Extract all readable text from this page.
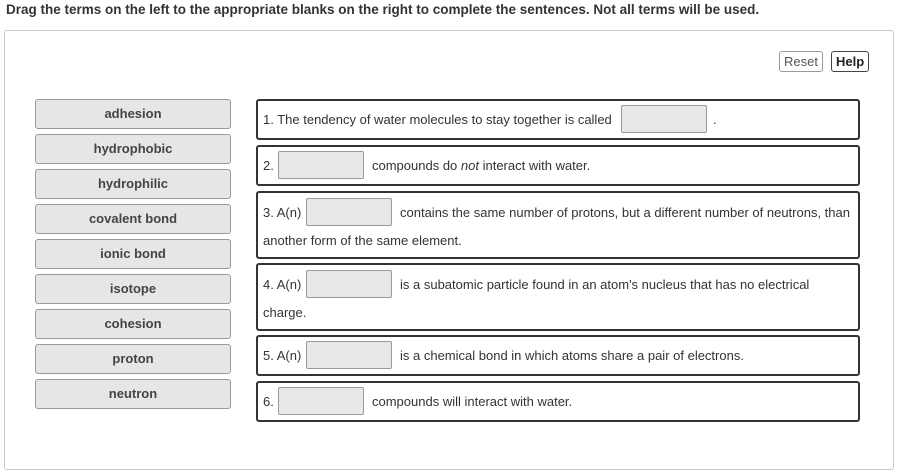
Drag the terms on the left to the appropriate blanks on the right to complete the sentences. Not all terms will be used.
Reset	Help
adhesion
hydrophobic
hydrophilic
covalent bond
ionic bond
isotope
cohesion
proton
neutron
1. The tendency of water molecules to stay together is called	.
2.	compounds do not interact with water.
3. A(n)	contains the same number of protons, but a different number of neutrons, than
another form of the same element.
4. A(n)	is a subatomic particle found in an atom's nucleus that has no electrical
charge.
5. A(n)	is a chemical bond in which atoms share a pair of electrons.
6.	compounds will interact with water.
